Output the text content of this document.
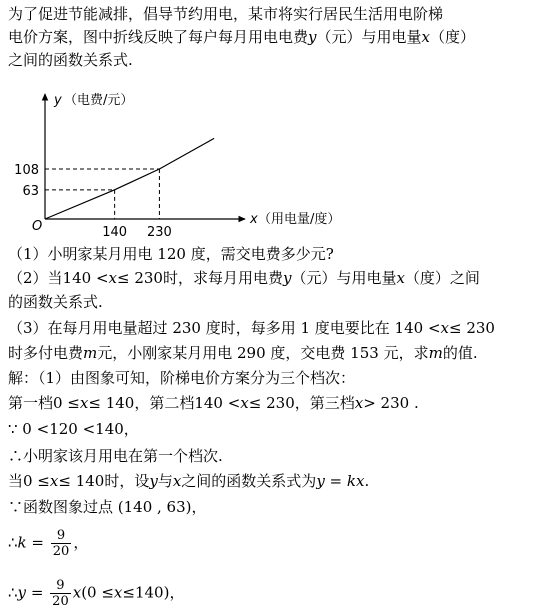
为了促进节能减排，倡导节约用电，某市将实行居民生活用电阶梯
电价方案，图中折线反映了每户每月用电电费y（元）与用电量x（度）
之间的函数关系式.
O	140 230
108
63
y （电费/元）
x （用电量/度）
（1）小明家某月用电 120 度，需交电费多少元?
（2）当140 <x≤ 230时，求每月用电费y（元）与用电量x（度）之间
的函数关系式.
（3）在每月用电量超过 230 度时，每多用 1 度电要比在 140 <x≤ 230
时多付电费m元，小刚家某月用电 290 度，交电费 153 元，求m的值.
解：（1）由图象可知，阶梯电价方案分为三个档次：
第一档0 ≤x≤ 140，第二档140 <x≤ 230，第三档x> 230 .
∵ 0 <120 <140，
∴小明家该月用电在第一个档次.
当0 ≤x≤ 140时，设y与x之间的函数关系式为y = kx.
∵函数图象过点 (140 , 63)，
∴k = $\frac{9}{20}$ ，
∴y = $\frac{9}{20} x(0 \le x\le 140)$，
